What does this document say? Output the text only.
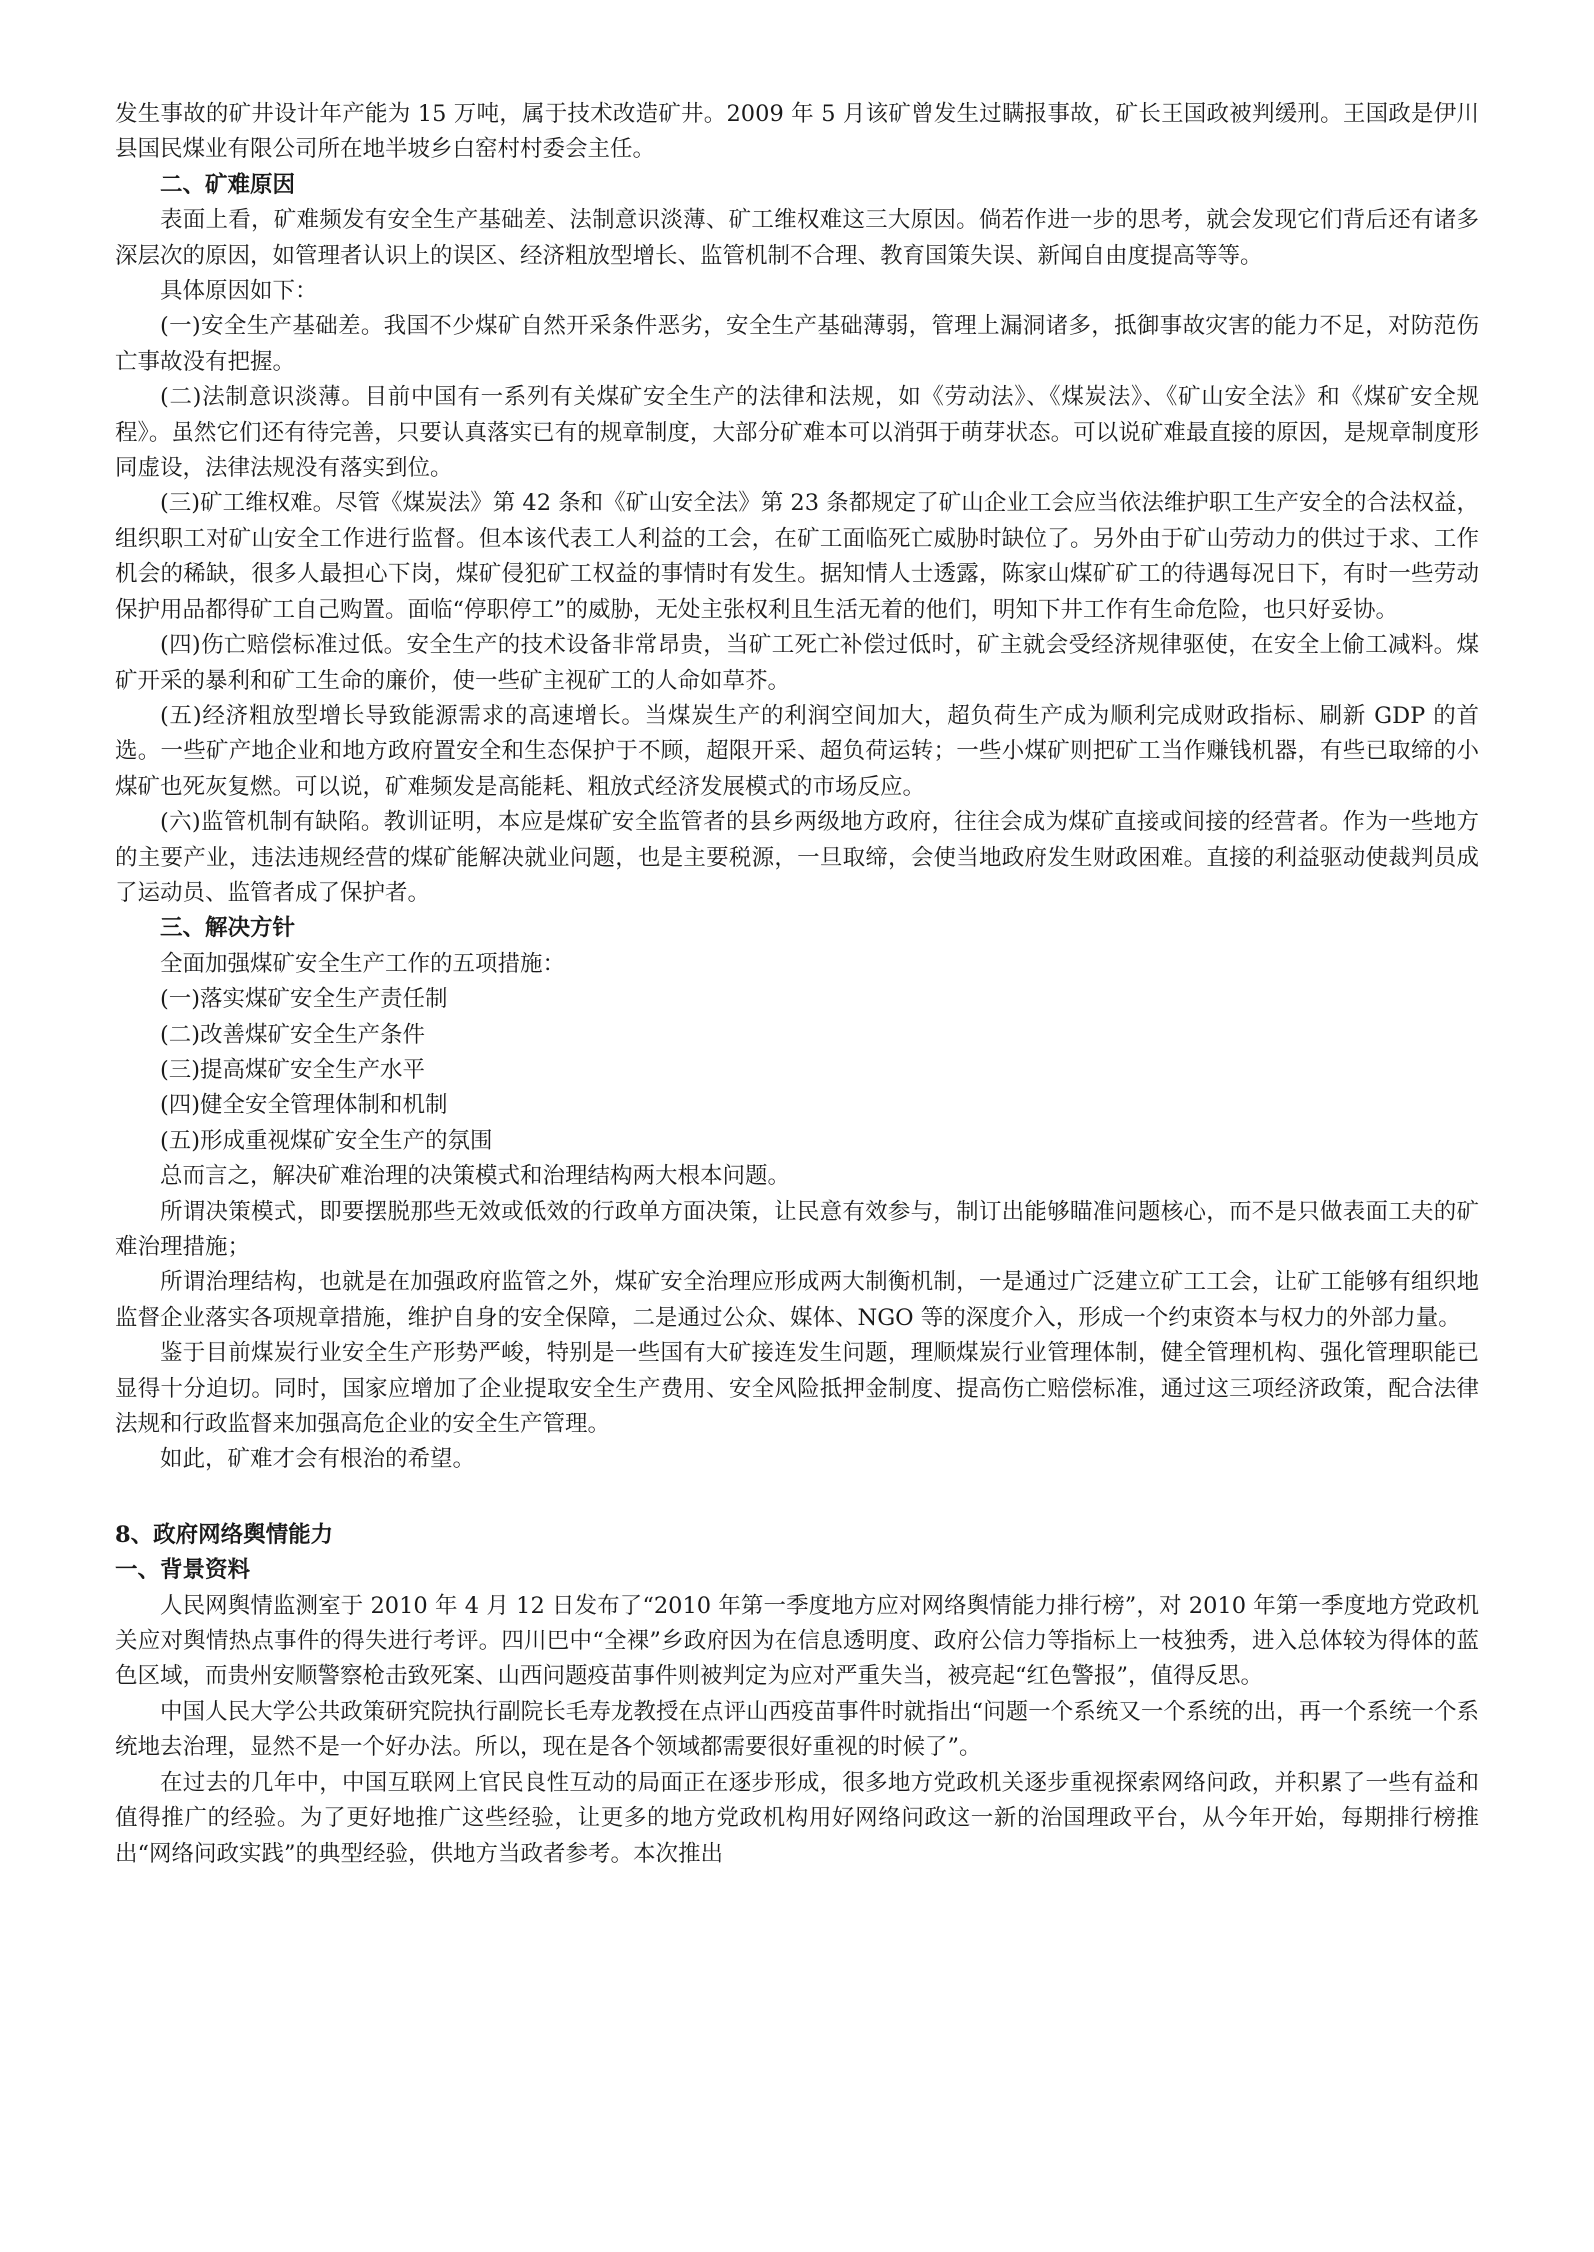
发生事故的矿井设计年产能为 15 万吨，属于技术改造矿井。2009 年 5 月该矿曾发生过瞒报事故，矿长王国政被判缓刑。王国政是伊川县国民煤业有限公司所在地半坡乡白窑村村委会主任。

二、矿难原因

表面上看，矿难频发有安全生产基础差、法制意识淡薄、矿工维权难这三大原因。倘若作进一步的思考，就会发现它们背后还有诸多深层次的原因，如管理者认识上的误区、经济粗放型增长、监管机制不合理、教育国策失误、新闻自由度提高等等。

具体原因如下：

(一)安全生产基础差。我国不少煤矿自然开采条件恶劣，安全生产基础薄弱，管理上漏洞诸多，抵御事故灾害的能力不足，对防范伤亡事故没有把握。

(二)法制意识淡薄。目前中国有一系列有关煤矿安全生产的法律和法规，如《劳动法》、《煤炭法》、《矿山安全法》和《煤矿安全规程》。虽然它们还有待完善，只要认真落实已有的规章制度，大部分矿难本可以消弭于萌芽状态。可以说矿难最直接的原因，是规章制度形同虚设，法律法规没有落实到位。

(三)矿工维权难。尽管《煤炭法》第 42 条和《矿山安全法》第 23 条都规定了矿山企业工会应当依法维护职工生产安全的合法权益，组织职工对矿山安全工作进行监督。但本该代表工人利益的工会，在矿工面临死亡威胁时缺位了。另外由于矿山劳动力的供过于求、工作机会的稀缺，很多人最担心下岗，煤矿侵犯矿工权益的事情时有发生。据知情人士透露，陈家山煤矿矿工的待遇每况日下，有时一些劳动保护用品都得矿工自己购置。面临“停职停工”的威胁，无处主张权利且生活无着的他们，明知下井工作有生命危险，也只好妥协。

(四)伤亡赔偿标准过低。安全生产的技术设备非常昂贵，当矿工死亡补偿过低时，矿主就会受经济规律驱使，在安全上偷工减料。煤矿开采的暴利和矿工生命的廉价，使一些矿主视矿工的人命如草芥。

(五)经济粗放型增长导致能源需求的高速增长。当煤炭生产的利润空间加大，超负荷生产成为顺利完成财政指标、刷新 GDP 的首选。一些矿产地企业和地方政府置安全和生态保护于不顾，超限开采、超负荷运转；一些小煤矿则把矿工当作赚钱机器，有些已取缔的小煤矿也死灰复燃。可以说，矿难频发是高能耗、粗放式经济发展模式的市场反应。

(六)监管机制有缺陷。教训证明，本应是煤矿安全监管者的县乡两级地方政府，往往会成为煤矿直接或间接的经营者。作为一些地方的主要产业，违法违规经营的煤矿能解决就业问题，也是主要税源，一旦取缔，会使当地政府发生财政困难。直接的利益驱动使裁判员成了运动员、监管者成了保护者。

三、解决方针

全面加强煤矿安全生产工作的五项措施：

(一)落实煤矿安全生产责任制

(二)改善煤矿安全生产条件

(三)提高煤矿安全生产水平

(四)健全安全管理体制和机制

(五)形成重视煤矿安全生产的氛围

总而言之，解决矿难治理的决策模式和治理结构两大根本问题。

所谓决策模式，即要摆脱那些无效或低效的行政单方面决策，让民意有效参与，制订出能够瞄准问题核心，而不是只做表面工夫的矿难治理措施；

所谓治理结构，也就是在加强政府监管之外，煤矿安全治理应形成两大制衡机制，一是通过广泛建立矿工工会，让矿工能够有组织地监督企业落实各项规章措施，维护自身的安全保障，二是通过公众、媒体、NGO 等的深度介入，形成一个约束资本与权力的外部力量。

鉴于目前煤炭行业安全生产形势严峻，特别是一些国有大矿接连发生问题，理顺煤炭行业管理体制，健全管理机构、强化管理职能已显得十分迫切。同时，国家应增加了企业提取安全生产费用、安全风险抵押金制度、提高伤亡赔偿标准，通过这三项经济政策，配合法律法规和行政监督来加强高危企业的安全生产管理。

如此，矿难才会有根治的希望。

8、政府网络舆情能力

一、背景资料

人民网舆情监测室于 2010 年 4 月 12 日发布了“2010 年第一季度地方应对网络舆情能力排行榜”，对 2010 年第一季度地方党政机关应对舆情热点事件的得失进行考评。四川巴中“全裸”乡政府因为在信息透明度、政府公信力等指标上一枝独秀，进入总体较为得体的蓝色区域，而贵州安顺警察枪击致死案、山西问题疫苗事件则被判定为应对严重失当，被亮起“红色警报”，值得反思。

中国人民大学公共政策研究院执行副院长毛寿龙教授在点评山西疫苗事件时就指出“问题一个系统又一个系统的出，再一个系统一个系统地去治理，显然不是一个好办法。所以，现在是各个领域都需要很好重视的时候了”。

在过去的几年中，中国互联网上官民良性互动的局面正在逐步形成，很多地方党政机关逐步重视探索网络问政，并积累了一些有益和值得推广的经验。为了更好地推广这些经验，让更多的地方党政机构用好网络问政这一新的治国理政平台，从今年开始，每期排行榜推出“网络问政实践”的典型经验，供地方当政者参考。本次推出
